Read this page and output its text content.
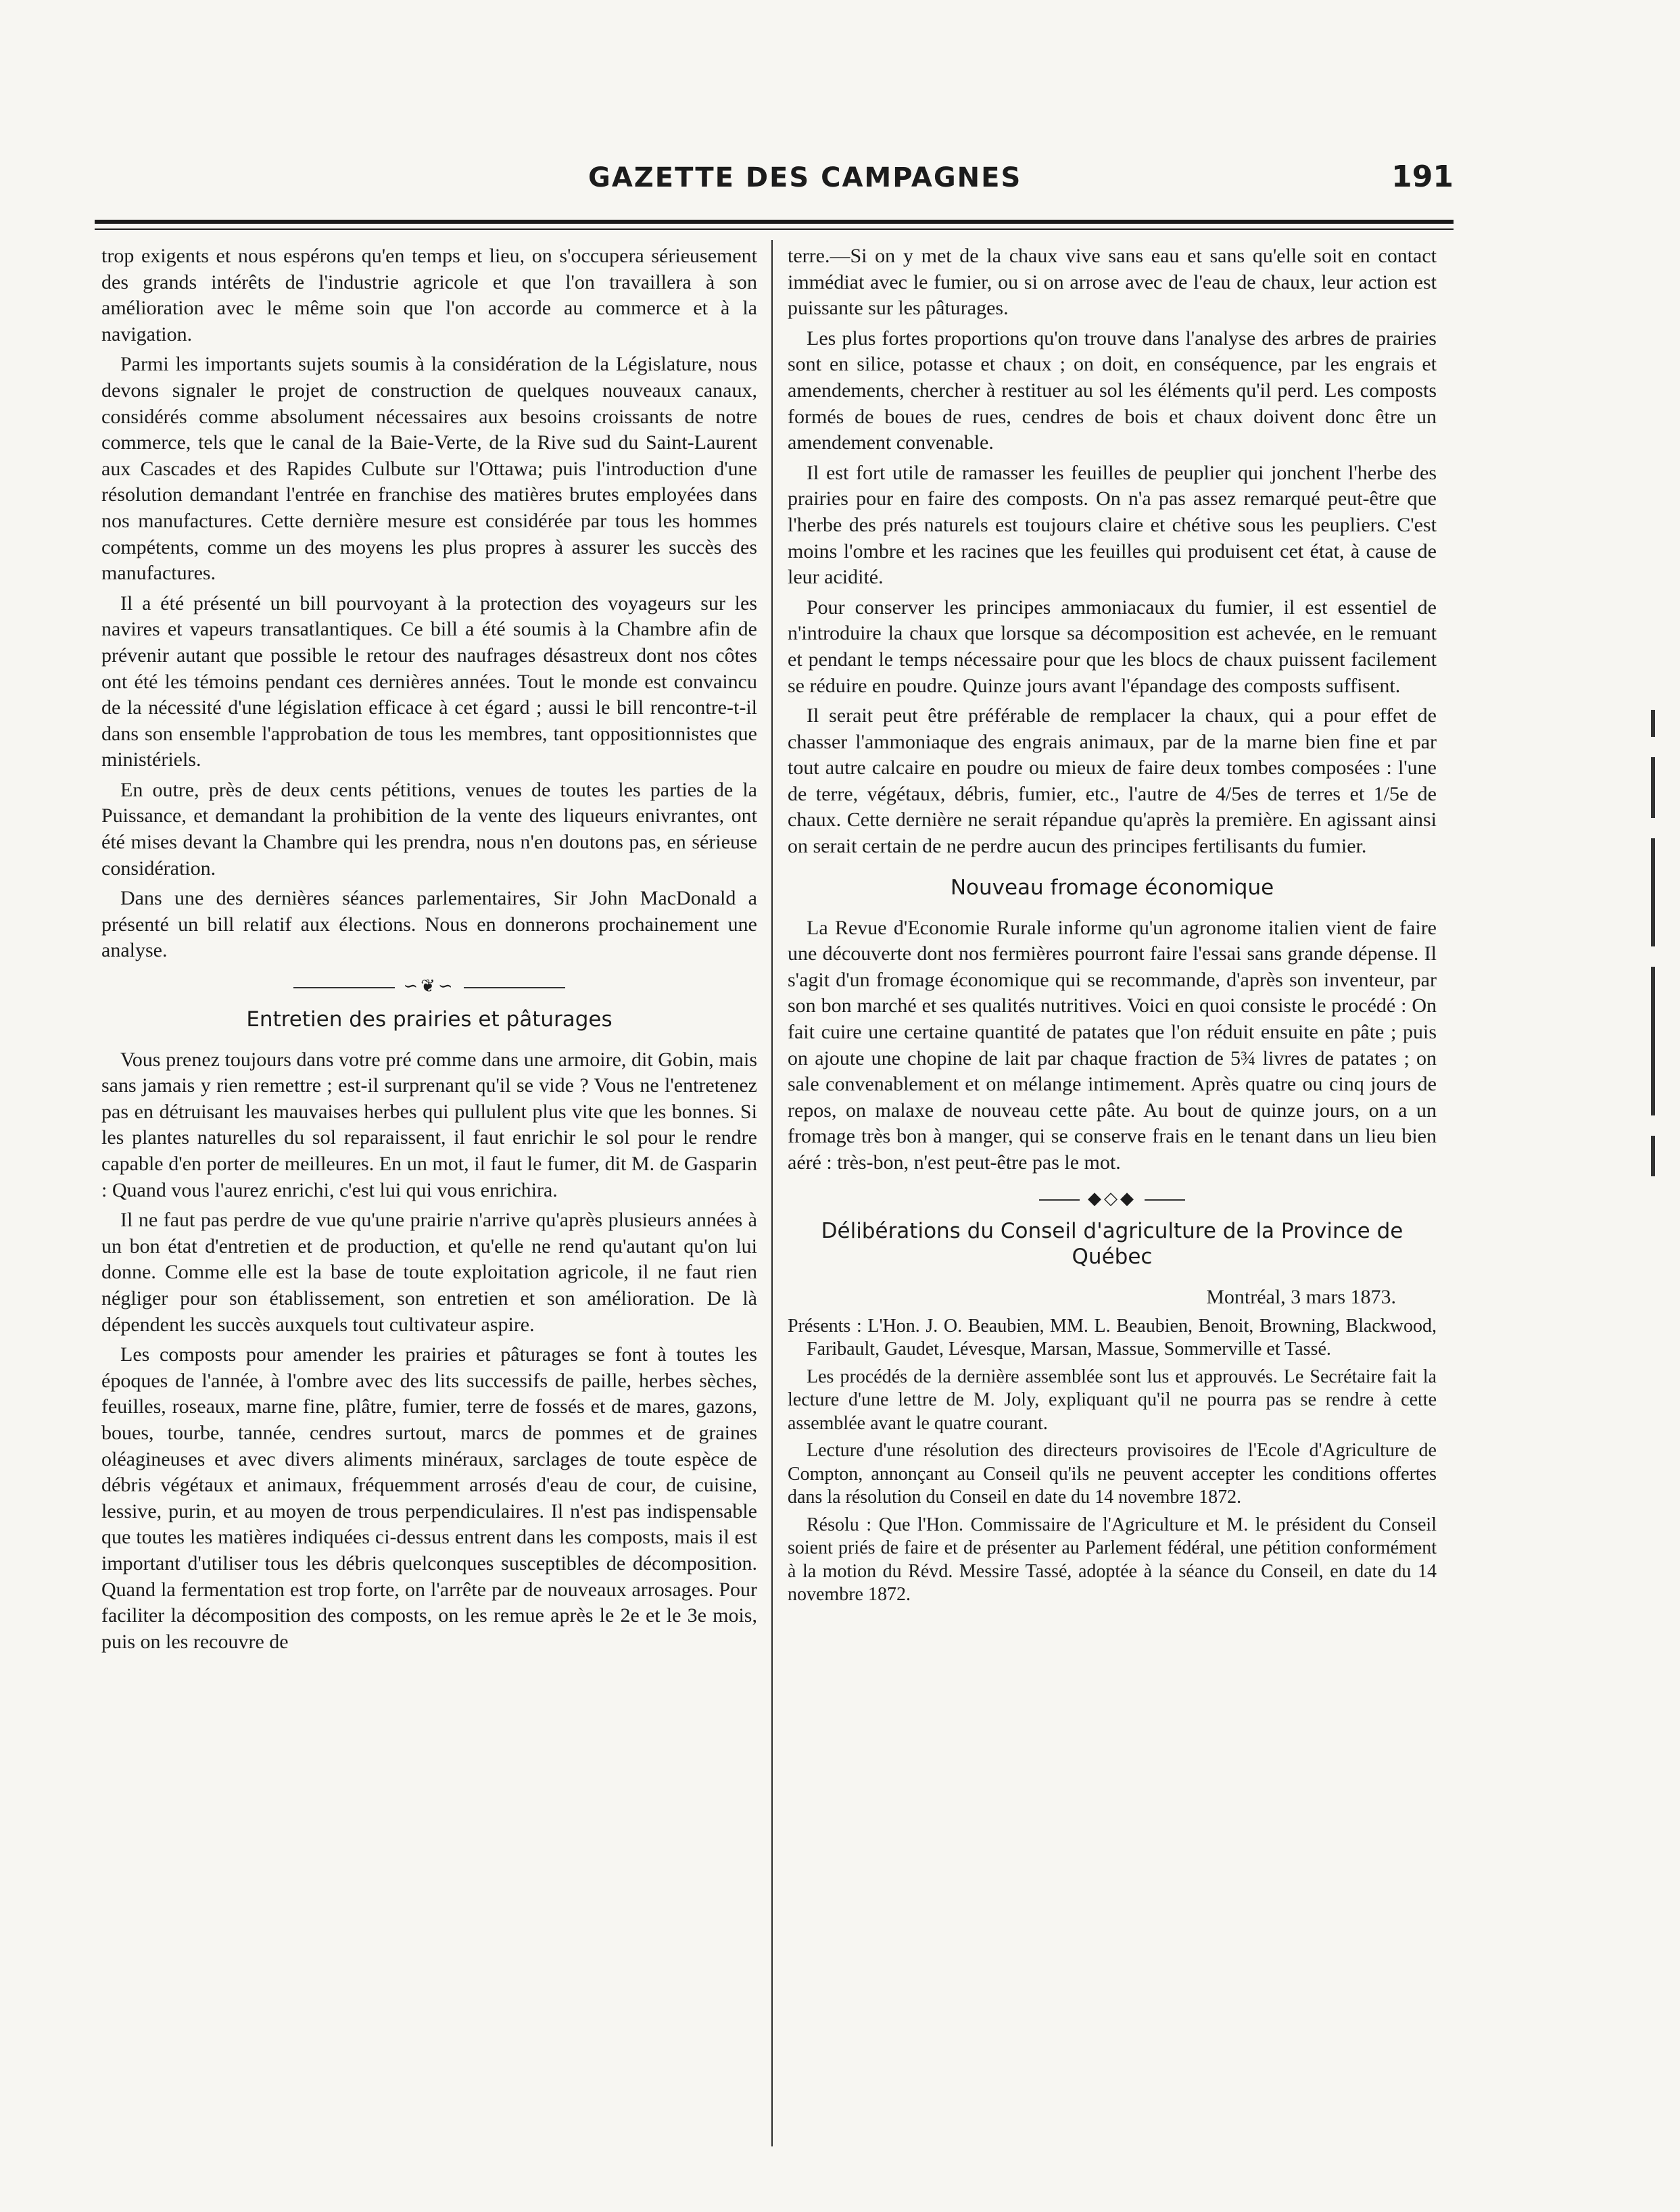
GAZETTE DES CAMPAGNES	191

trop exigents et nous espérons qu'en temps et lieu, on s'occupera sérieusement des grands intérêts de l'industrie agricole et que l'on travaillera à son amélioration avec le même soin que l'on accorde au commerce et à la navigation.

Parmi les importants sujets soumis à la considération de la Législature, nous devons signaler le projet de construction de quelques nouveaux canaux, considérés comme absolument nécessaires aux besoins croissants de notre commerce, tels que le canal de la Baie-Verte, de la Rive sud du Saint-Laurent aux Cascades et des Rapides Culbute sur l'Ottawa; puis l'introduction d'une résolution demandant l'entrée en franchise des matières brutes employées dans nos manufactures. Cette dernière mesure est considérée par tous les hommes compétents, comme un des moyens les plus propres à assurer les succès des manufactures.

Il a été présenté un bill pourvoyant à la protection des voyageurs sur les navires et vapeurs transatlantiques. Ce bill a été soumis à la Chambre afin de prévenir autant que possible le retour des naufrages désastreux dont nos côtes ont été les témoins pendant ces dernières années. Tout le monde est convaincu de la nécessité d'une législation efficace à cet égard ; aussi le bill rencontre-t-il dans son ensemble l'approbation de tous les membres, tant oppositionnistes que ministériels.

En outre, près de deux cents pétitions, venues de toutes les parties de la Puissance, et demandant la prohibition de la vente des liqueurs enivrantes, ont été mises devant la Chambre qui les prendra, nous n'en doutons pas, en sérieuse considération.

Dans une des dernières séances parlementaires, Sir John MacDonald a présenté un bill relatif aux élections. Nous en donnerons prochainement une analyse.

∽❦∽
Entretien des prairies et pâturages

Vous prenez toujours dans votre pré comme dans une armoire, dit Gobin, mais sans jamais y rien remettre ; est-il surprenant qu'il se vide ? Vous ne l'entretenez pas en détruisant les mauvaises herbes qui pullulent plus vite que les bonnes. Si les plantes naturelles du sol reparaissent, il faut enrichir le sol pour le rendre capable d'en porter de meilleures. En un mot, il faut le fumer, dit M. de Gasparin : Quand vous l'aurez enrichi, c'est lui qui vous enrichira.

Il ne faut pas perdre de vue qu'une prairie n'arrive qu'après plusieurs années à un bon état d'entretien et de production, et qu'elle ne rend qu'autant qu'on lui donne. Comme elle est la base de toute exploitation agricole, il ne faut rien négliger pour son établissement, son entretien et son amélioration. De là dépendent les succès auxquels tout cultivateur aspire.

Les composts pour amender les prairies et pâturages se font à toutes les époques de l'année, à l'ombre avec des lits successifs de paille, herbes sèches, feuilles, roseaux, marne fine, plâtre, fumier, terre de fossés et de mares, gazons, boues, tourbe, tannée, cendres surtout, marcs de pommes et de graines oléagineuses et avec divers aliments minéraux, sarclages de toute espèce de débris végétaux et animaux, fréquemment arrosés d'eau de cour, de cuisine, lessive, purin, et au moyen de trous perpendiculaires. Il n'est pas indispensable que toutes les matières indiquées ci-dessus entrent dans les composts, mais il est important d'utiliser tous les débris quelconques susceptibles de décomposition. Quand la fermentation est trop forte, on l'arrête par de nouveaux arrosages. Pour faciliter la décomposition des composts, on les remue après le 2e et le 3e mois, puis on les recouvre de

terre.—Si on y met de la chaux vive sans eau et sans qu'elle soit en contact immédiat avec le fumier, ou si on arrose avec de l'eau de chaux, leur action est puissante sur les pâturages.

Les plus fortes proportions qu'on trouve dans l'analyse des arbres de prairies sont en silice, potasse et chaux ; on doit, en conséquence, par les engrais et amendements, chercher à restituer au sol les éléments qu'il perd. Les composts formés de boues de rues, cendres de bois et chaux doivent donc être un amendement convenable.

Il est fort utile de ramasser les feuilles de peuplier qui jonchent l'herbe des prairies pour en faire des composts. On n'a pas assez remarqué peut-être que l'herbe des prés naturels est toujours claire et chétive sous les peupliers. C'est moins l'ombre et les racines que les feuilles qui produisent cet état, à cause de leur acidité.

Pour conserver les principes ammoniacaux du fumier, il est essentiel de n'introduire la chaux que lorsque sa décomposition est achevée, en le remuant et pendant le temps nécessaire pour que les blocs de chaux puissent facilement se réduire en poudre. Quinze jours avant l'épandage des composts suffisent.

Il serait peut être préférable de remplacer la chaux, qui a pour effet de chasser l'ammoniaque des engrais animaux, par de la marne bien fine et par tout autre calcaire en poudre ou mieux de faire deux tombes composées : l'une de terre, végétaux, débris, fumier, etc., l'autre de 4/5es de terres et 1/5e de chaux. Cette dernière ne serait répandue qu'après la première. En agissant ainsi on serait certain de ne perdre aucun des principes fertilisants du fumier.

Nouveau fromage économique

La Revue d'Economie Rurale informe qu'un agronome italien vient de faire une découverte dont nos fermières pourront faire l'essai sans grande dépense. Il s'agit d'un fromage économique qui se recommande, d'après son inventeur, par son bon marché et ses qualités nutritives. Voici en quoi consiste le procédé : On fait cuire une certaine quantité de patates que l'on réduit ensuite en pâte ; puis on ajoute une chopine de lait par chaque fraction de 5¾ livres de patates ; on sale convenablement et on mélange intimement. Après quatre ou cinq jours de repos, on malaxe de nouveau cette pâte. Au bout de quinze jours, on a un fromage très bon à manger, qui se conserve frais en le tenant dans un lieu bien aéré : très-bon, n'est peut-être pas le mot.

◆◇◆
Délibérations du Conseil d'agriculture de la Province de Québec
Montréal, 3 mars 1873.

Présents : L'Hon. J. O. Beaubien, MM. L. Beaubien, Benoit, Browning, Blackwood, Faribault, Gaudet, Lévesque, Marsan, Massue, Sommerville et Tassé.

Les procédés de la dernière assemblée sont lus et approuvés. Le Secrétaire fait la lecture d'une lettre de M. Joly, expliquant qu'il ne pourra pas se rendre à cette assemblée avant le quatre courant.

Lecture d'une résolution des directeurs provisoires de l'Ecole d'Agriculture de Compton, annonçant au Conseil qu'ils ne peuvent accepter les conditions offertes dans la résolution du Conseil en date du 14 novembre 1872.

Résolu : Que l'Hon. Commissaire de l'Agriculture et M. le président du Conseil soient priés de faire et de présenter au Parlement fédéral, une pétition conformément à la motion du Révd. Messire Tassé, adoptée à la séance du Conseil, en date du 14 novembre 1872.
